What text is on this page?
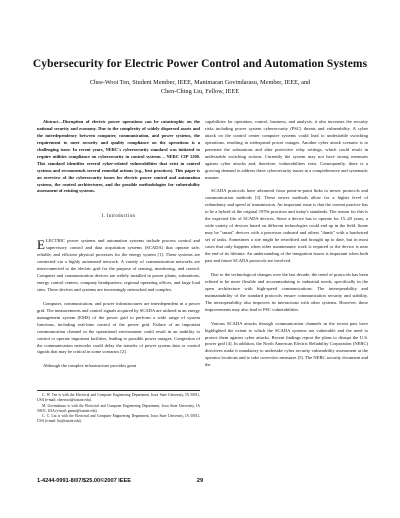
Cybersecurity for Electric Power Control and Automation Systems
Chee-Wooi Ten, Student Member, IEEE, Manimaran Govindarasu, Member, IEEE, and
Chen-Ching Liu, Fellow, IEEE

Abstract—Disruption of electric power operations can be catastrophic on the national security and economy. Due to the complexity of widely dispersed assets and the interdependency between computer, communication, and power systems, the requirement to meet security and quality compliance on the operations is a challenging issue. In recent years, NERC's cybersecurity standard was initiated to require utilities compliance on cybersecurity in control systems – NERC CIP 1200. This standard identifies several cyber-related vulnerabilities that exist in control systems and recommends several remedial actions (e.g., best practices). This paper is an overview of the cybersecurity issues for electric power control and automation systems, the control architectures, and the possible methodologies for vulnerability assessment of existing systems.

I. Introduction

ELECTRIC power systems and automation systems include process control and supervisory control and data acquisition systems (SCADA) that operate safe, reliable, and efficient physical processes for the energy system [1]. These systems are connected via a highly automated network. A variety of communication networks are interconnected to the electric grid for the purpose of sensing, monitoring, and control. Computer and communication devices are widely installed in power plants, substations, energy control centers, company headquarters, regional operating offices, and large load sites. These devices and systems are increasingly networked and complex.

Computer, communication, and power infrastructures are interdependent in a power grid. The measurements and control signals acquired by SCADA are utilized in an energy management system (EMS) of the power grid to perform a wide range of system functions, including real-time control of the power grid. Failure of an important communication channel in the operational environment could result in an inability to control or operate important facilities, leading to possible power outages. Congestion of the communication networks could delay the transfer of power system data or control signals that may be critical in some scenarios [2].

Although the complex infrastructure provides great

C. W. Ten is with the Electrical and Computer Engineering Department, Iowa State University, IA 50011, USA (e-mail: cheewooi@iastate.edu).

M. Govindarasu is with the Electrical and Computer Engineering Department, Iowa State University, IA 50011, USA (e-mail: gmani@iastate.edu).

C. C. Liu is with the Electrical and Computer Engineering Department, Iowa State University, IA 50011, USA (e-mail: liu@iastate.edu).

capabilities for operation, control, business, and analysis, it also increases the security risks including power system cybersecurity (PSC) threats and vulnerability. A cyber attack on the control center computer systems could lead to undesirable switching operations, resulting in widespread power outages. Another cyber attack scenario is to penetrate the substations and alter protective relay settings, which could result in undesirable switching actions. Currently the system may not have strong measures against cyber attacks and, therefore, vulnerabilities exist. Consequently, there is a growing demand to address these cybersecurity issues in a comprehensive and systematic manner.

SCADA protocols have advanced from point-to-point links to newer protocols and communication methods [3]. These newer methods allow for a higher level of redundancy and speed of transmission. An important issue is that the current practice has to be a hybrid of the original 1970s practices and today's standards. The reason for this is the expected life of SCADA devices. Since a device has to operate for 15–20 years, a wide variety of devices based on different technologies could end up in the field. Some may be "smart" devices with a processor onboard and others "dumb" with a hardwired set of tasks. Sometimes a site might be retrofitted and brought up to date, but in most cases that only happens when other maintenance work is required or the device is near the end of its lifetime. An understanding of the integration issues is important when both past and future SCADA protocols are involved.

Due to the technological changes over the last decade, the trend of protocols has been refined to be more flexible and accommodating to industrial needs, specifically in the open architecture with high-speed communications. The interoperability and maintainability of the standard protocols ensure communication security and stability. The interoperability also improves its interactions with other systems. However, these improvements may also lead to PSC vulnerabilities.

Various SCADA attacks through communication channels in the recent past have highlighted the extent to which the SCADA systems are vulnerable and the need to protect them against cyber attacks. Recent findings report the plans to disrupt the U.S. power grid [4]. In addition, the North American Electric Reliability Corporation (NERC) directives make it mandatory to undertake cyber security vulnerability assessment at the operator locations and to take corrective measures [5]. The NERC security document and the

1-4244-0991-8/07/$25.00©2007 IEEE	29
